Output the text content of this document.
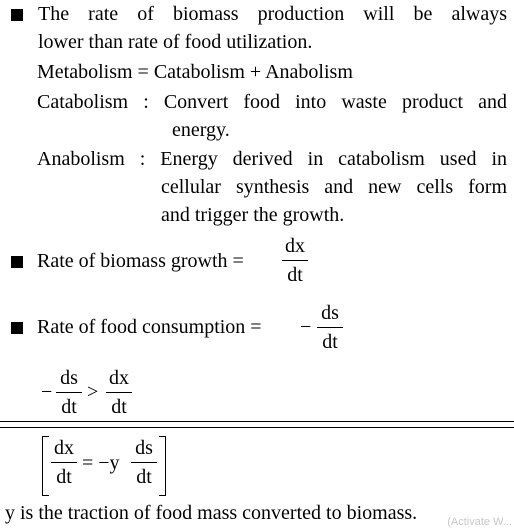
The rate of biomass production will be always
lower than rate of food utilization.
Metabolism = Catabolism + Anabolism
Catabolism : Convert food into waste product and
energy.
Anabolism : Energy derived in catabolism used in
cellular synthesis and new cells form
and trigger the growth.
Rate of biomass growth =
dx
dt
Rate of food consumption = −
ds
dt
−
ds
dt
>
dx
dt
dx
dt
= −y
ds
dt
y is the traction of food mass converted to biomass.	(Activate W...
